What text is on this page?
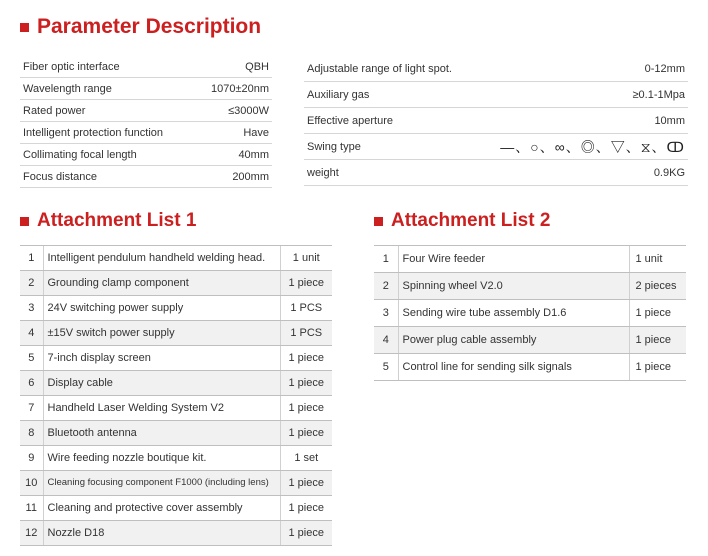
Parameter Description
Fiber optic interface	QBH
Wavelength range	1070±20nm
Rated power	≤3000W
Intelligent protection function	Have
Collimating focal length	40mm
Focus distance	200mm
Adjustable range of light spot.	0-12mm
Auxiliary gas	≥0.1-1Mpa
Effective aperture	10mm
Swing type	—、○、∞、◎、▽、⧖、ↀ
weight	0.9KG
Attachment List 1	Attachment List 2
1	Intelligent pendulum handheld welding head.	1 unit
2	Grounding clamp component	1 piece
3	24V switching power supply	1 PCS
4	±15V switch power supply	1 PCS
5	7-inch display screen	1 piece
6	Display cable	1 piece
7	Handheld Laser Welding System V2	1 piece
8	Bluetooth antenna	1 piece
9	Wire feeding nozzle boutique kit.	1 set
10	Cleaning focusing component F1000 (including lens)	1 piece
11	Cleaning and protective cover assembly	1 piece
12	Nozzle D18	1 piece
1	Four Wire feeder	1 unit
2	Spinning wheel V2.0	2 pieces
3	Sending wire tube assembly D1.6	1 piece
4	Power plug cable assembly	1 piece
5	Control line for sending silk signals	1 piece
